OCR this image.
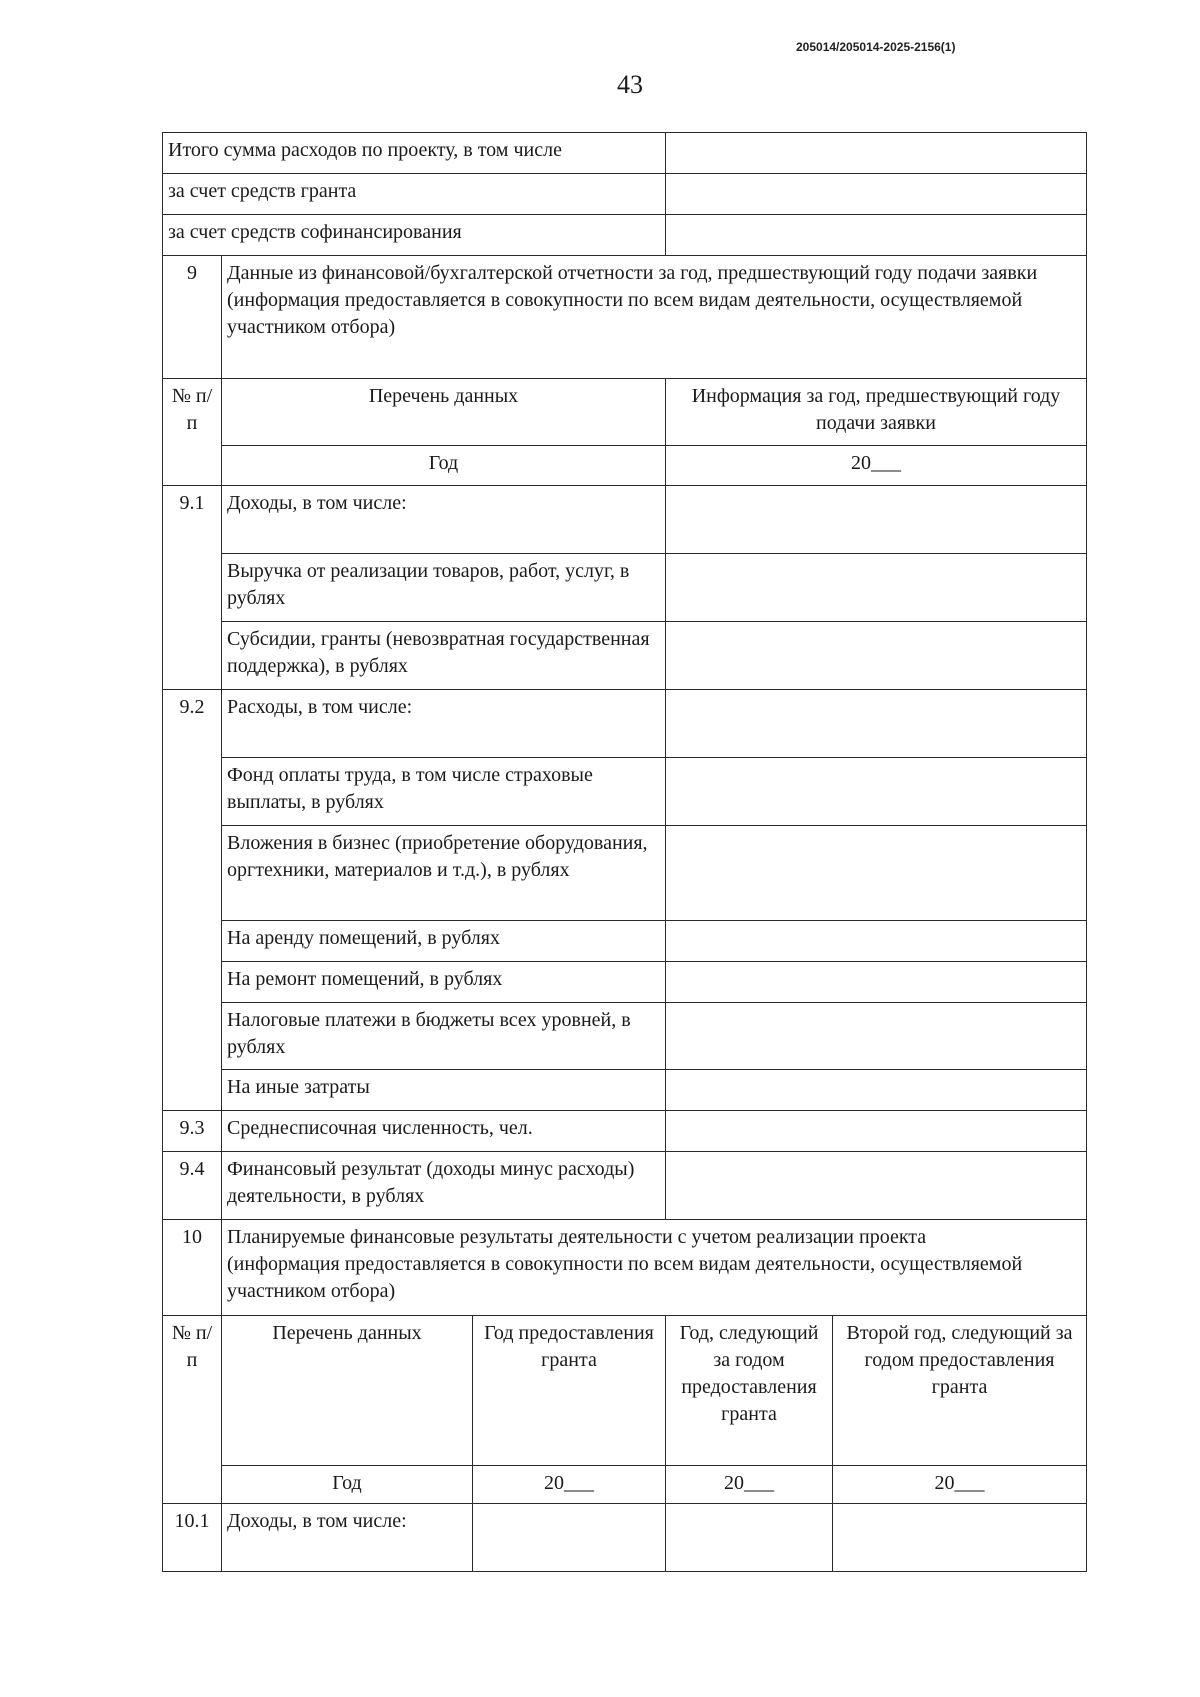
205014/205014-2025-2156(1)
43
Итого сумма расходов по проекту, в том числе				
за счет средств гранта				
за счет средств софинансирования				
9	Данные из финансовой/бухгалтерской отчетности за год, предшествующий году подачи заявки
(информация предоставляется в совокупности по всем видам деятельности, осуществляемой участником отбора)			

№ п/п	Перечень данных		Информация за год, предшествующий году подачи заявки	
	Год		20___	
9.1	Доходы, в том числе:			
	Выручка от реализации товаров, работ, услуг, в рублях			
	Субсидии, гранты (невозвратная государственная поддержка), в рублях			
9.2	Расходы, в том числе:			
	Фонд оплаты труда, в том числе страховые выплаты, в рублях			
	Вложения в бизнес (приобретение оборудования, оргтехники, материалов и т.д.), в рублях			
	На аренду помещений, в рублях			
	На ремонт помещений, в рублях			
	Налоговые платежи в бюджеты всех уровней, в рублях			
	На иные затраты			
9.3	Среднесписочная численность, чел.			
9.4	Финансовый результат (доходы минус расходы) деятельности, в рублях			
10	Планируемые финансовые результаты деятельности с учетом реализации проекта
(информация предоставляется в совокупности по всем видам деятельности, осуществляемой участником отбора)			

№ п/п	Перечень данных	Год предоставления гранта	Год, следующий за годом предоставления гранта	Второй год, следующий за годом предоставления гранта
	Год	20___	20___	20___
10.1	Доходы, в том числе:			
